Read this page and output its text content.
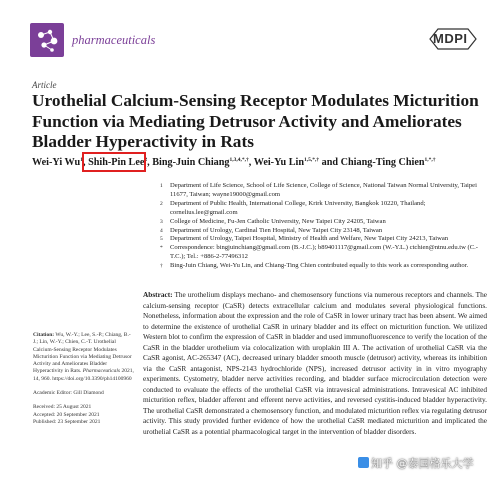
pharmaceuticals	MDPI
Article
Urothelial Calcium-Sensing Receptor Modulates Micturition Function via Mediating Detrusor Activity and Ameliorates Bladder Hyperactivity in Rats
Wei-Yi Wu$^1$, Shih-Pin Lee$^2$, Bing-Juin Chiang$^{1,3,4,*,\dagger}$, Wei-Yu Lin$^{1,5,*,\dagger}$ and Chiang-Ting Chien$^{1,*,\dagger}$
1 Department of Life Science, School of Life Science, College of Science, National Taiwan Normal University, Taipei 11677, Taiwan; wayne19000@gmail.com
2 Department of Public Health, International College, Krirk University, Bangkok 10220, Thailand; cornelius.lee@gmail.com
3 College of Medicine, Fu-Jen Catholic University, New Taipei City 24205, Taiwan
4 Department of Urology, Cardinal Tien Hospital, New Taipei City 23148, Taiwan
5 Department of Urology, Taipei Hospital, Ministry of Health and Welfare, New Taipei City 24213, Taiwan
* Correspondence: bingjuinchiang@gmail.com (B.-J.C.); b89401117@gmail.com (W.-Y.L.) ctchien@ntnu.edu.tw (C.-T.C.); Tel.: +886-2-77496312
† Bing-Juin Chiang, Wei-Yu Lin, and Chiang-Ting Chien contributed equally to this work as corresponding author.
Abstract: The urothelium displays mechano- and chemosensory functions via numerous receptors and channels. The calcium-sensing receptor (CaSR) detects extracellular calcium and modulates several physiological functions. Nonetheless, information about the expression and the role of CaSR in lower urinary tract has been absent. We aimed to determine the existence of urothelial CaSR in urinary bladder and its effect on micturition function. We utilized Western blot to confirm the expression of CaSR in bladder and used immunofluorescence to verify the location of the CaSR in the bladder urothelium via colocalization with uroplakin III A. The activation of urothelial CaSR via the CaSR agonist, AC-265347 (AC), decreased urinary bladder smooth muscle (detrusor) activity, whereas its inhibition via the CaSR antagonist, NPS-2143 hydrochloride (NPS), increased detrusor activity in in vitro myography experiments. Cystometry, bladder nerve activities recording, and bladder surface microcirculation detection were conducted to evaluate the effects of the urothelial CaSR via intravesical administrations. Intravesical AC inhibited micturition reflex, bladder afferent and efferent nerve activities, and reversed cystitis-induced bladder hyperactivity. The urothelial CaSR demonstrated a chemosensory function, and modulated micturition reflex via regulating detrusor activity. This study provided further evidence of how the urothelial CaSR mediated micturition and implicated the urothelial CaSR as a potential pharmacological target in the intervention of bladder disorders.
Citation: Wu, W.-Y.; Lee, S.-P.; Chiang, B.-J.; Lin, W.-Y.; Chien, C.-T. Urothelial Calcium-Sensing Receptor Modulates Micturition Function via Mediating Detrusor Activity and Ameliorates Bladder Hyperactivity in Rats. Pharmaceuticals 2021, 14, 960. https://doi.org/10.3390/ph14100960
Academic Editor: Gill Diamond
Received: 25 August 2021
Accepted: 20 September 2021
Published: 23 September 2021
知乎 @泰国格乐大学
